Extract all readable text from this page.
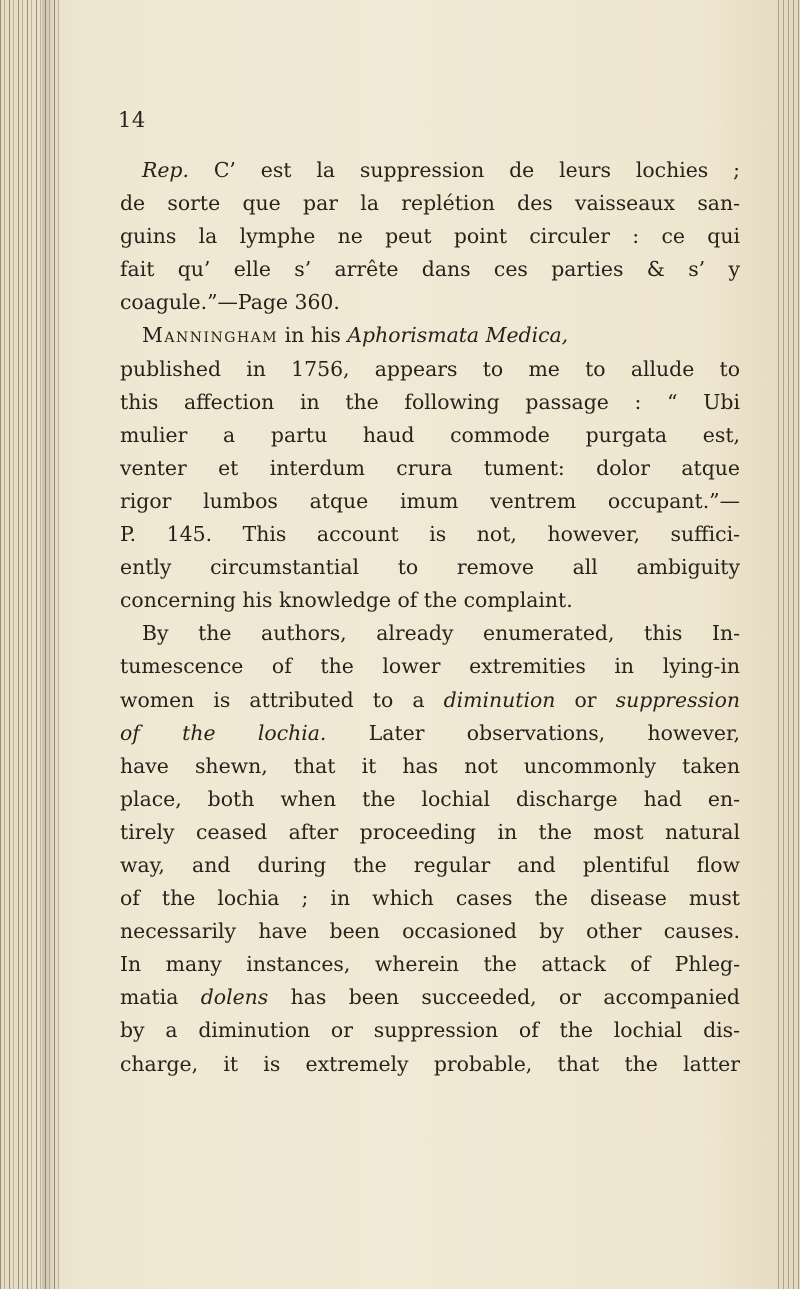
14
Rep. C’ est la suppression de leurs lochies ;
de sorte que par la replétion des vaisseaux san-
guins la lymphe ne peut point circuler : ce qui
fait qu’ elle s’ arrête dans ces parties & s’ y
coagule.”—Page 360.
Manningham in his Aphorismata Medica,
published in 1756, appears to me to allude to
this affection in the following passage : “ Ubi
mulier a partu haud commode purgata est,
venter et interdum crura tument: dolor atque
rigor lumbos atque imum ventrem occupant.”—
P. 145. This account is not, however, suffici-
ently circumstantial to remove all ambiguity
concerning his knowledge of the complaint.
By the authors, already enumerated, this In-
tumescence of the lower extremities in lying-in
women is attributed to a diminution or suppression
of the lochia. Later observations, however,
have shewn, that it has not uncommonly taken
place, both when the lochial discharge had en-
tirely ceased after proceeding in the most natural
way, and during the regular and plentiful flow
of the lochia ; in which cases the disease must
necessarily have been occasioned by other causes.
In many instances, wherein the attack of Phleg-
matia dolens has been succeeded, or accompanied
by a diminution or suppression of the lochial dis-
charge, it is extremely probable, that the latter
